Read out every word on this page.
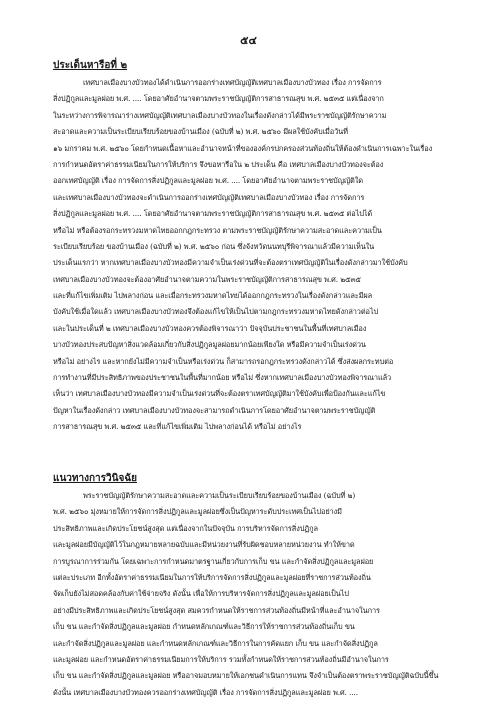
๕๔
ประเด็นหารือที่ ๒
เทศบาลเมืองบางบัวทองได้ดำเนินการออกร่างเทศบัญญัติเทศบาลเมืองบางบัวทอง เรื่อง การจัดการ
สิ่งปฏิกูลและมูลฝอย พ.ศ. .... โดยอาศัยอำนาจตามพระราชบัญญัติการสาธารณสุข พ.ศ. ๒๕๓๕ แต่เนื่องจาก
ในระหว่างการพิจารณาร่างเทศบัญญัติเทศบาลเมืองบางบัวทองในเรื่องดังกล่าวได้มีพระราชบัญญัติรักษาความ
สะอาดและความเป็นระเบียบเรียบร้อยของบ้านเมือง (ฉบับที่ ๒) พ.ศ. ๒๕๖๐ มีผลใช้บังคับเมื่อวันที่
๑๖ มกราคม พ.ศ. ๒๕๖๐ โดยกำหนดเนื้อหาและอำนาจหน้าที่ขององค์กรปกครองส่วนท้องถิ่นให้ต้องดำเนินการเฉพาะในเรื่อง
การกำหนดอัตราค่าธรรมเนียมในการให้บริการ จึงขอหารือใน ๒ ประเด็น คือ เทศบาลเมืองบางบัวทองจะต้อง
ออกเทศบัญญัติ เรื่อง การจัดการสิ่งปฏิกูลและมูลฝอย พ.ศ. .... โดยอาศัยอำนาจตามพระราชบัญญัติใด
และเทศบาลเมืองบางบัวทองจะดำเนินการออกร่างเทศบัญญัติเทศบาลเมืองบางบัวทอง เรื่อง การจัดการ
สิ่งปฏิกูลและมูลฝอย พ.ศ. .... โดยอาศัยอำนาจตามพระราชบัญญัติการสาธารณสุข พ.ศ. ๒๕๓๕ ต่อไปได้
หรือไม่ หรือต้องรอกระทรวงมหาดไทยออกกฎกระทรวง ตามพระราชบัญญัติรักษาความสะอาดและความเป็น
ระเบียบเรียบร้อย ของบ้านเมือง (ฉบับที่ ๒) พ.ศ. ๒๕๖๐ ก่อน ซึ่งจังหวัดนนทบุรีพิจารณาแล้วมีความเห็นใน
ประเด็นแรกว่า หากเทศบาลเมืองบางบัวทองมีความจำเป็นเร่งด่วนที่จะต้องตราเทศบัญญัติในเรื่องดังกล่าวมาใช้บังคับ
เทศบาลเมืองบางบัวทองจะต้องอาศัยอำนาจตามความในพระราชบัญญัติการสาธารณสุข พ.ศ. ๒๕๓๕
และที่แก้ไขเพิ่มเติม ไปพลางก่อน และเมื่อกระทรวงมหาดไทยได้ออกกฎกระทรวงในเรื่องดังกล่าวและมีผล
บังคับใช้เมื่อใดแล้ว เทศบาลเมืองบางบัวทองจึงต้องแก้ไขให้เป็นไปตามกฎกระทรวงมหาดไทยดังกล่าวต่อไป
และในประเด็นที่ ๒ เทศบาลเมืองบางบัวทองควรต้องพิจารณาว่า ปัจจุบันประชาชนในพื้นที่เทศบาลเมือง
บางบัวทองประสบปัญหาสิ่งแวดล้อมเกี่ยวกับสิ่งปฏิกูลมูลฝอยมากน้อยเพียงใด หรือมีความจำเป็นเร่งด่วน
หรือไม่ อย่างไร และหากยังไม่มีความจำเป็นหรือเร่งด่วน ก็สามารถรอกฎกระทรวงดังกล่าวได้ ซึ่งส่งผลกระทบต่อ
การทำงานที่มีประสิทธิภาพของประชาชนในพื้นที่มากน้อย หรือไม่ ซึ่งหากเทศบาลเมืองบางบัวทองพิจารณาแล้ว
เห็นว่า เทศบาลเมืองบางบัวทองมีความจำเป็นเร่งด่วนที่จะต้องตราเทศบัญญัติมาใช้บังคับเพื่อป้องกันและแก้ไข
ปัญหาในเรื่องดังกล่าว เทศบาลเมืองบางบัวทองจะสามารถดำเนินการโดยอาศัยอำนาจตามพระราชบัญญัติ
การสาธารณสุข พ.ศ. ๒๕๓๕ และที่แก้ไขเพิ่มเติม ไปพลางก่อนได้ หรือไม่ อย่างไร
แนวทางการวินิจฉัย
พระราชบัญญัติรักษาความสะอาดและความเป็นระเบียบเรียบร้อยของบ้านเมือง (ฉบับที่ ๒)
พ.ศ. ๒๕๖๐ มุ่งหมายให้การจัดการสิ่งปฏิกูลและมูลฝอยซึ่งเป็นปัญหาระดับประเทศเป็นไปอย่างมี
ประสิทธิภาพและเกิดประโยชน์สูงสุด แต่เนื่องจากในปัจจุบัน การบริหารจัดการสิ่งปฏิกูล
และมูลฝอยมีบัญญัติไว้ในกฎหมายหลายฉบับและมีหน่วยงานที่รับผิดชอบหลายหน่วยงาน ทำให้ขาด
การบูรณาการร่วมกัน โดยเฉพาะการกำหนดมาตรฐานเกี่ยวกับการเก็บ ขน และกำจัดสิ่งปฏิกูลและมูลฝอย
แต่ละประเภท อีกทั้งอัตราค่าธรรมเนียมในการให้บริการจัดการสิ่งปฏิกูลและมูลฝอยที่ราชการส่วนท้องถิ่น
จัดเก็บยังไม่สอดคล้องกับค่าใช้จ่ายจริง ดังนั้น เพื่อให้การบริหารจัดการสิ่งปฏิกูลและมูลฝอยเป็นไป
อย่างมีประสิทธิภาพและเกิดประโยชน์สูงสุด สมควรกำหนดให้ราชการส่วนท้องถิ่นมีหน้าที่และอำนาจในการ
เก็บ ขน และกำจัดสิ่งปฏิกูลและมูลฝอย กำหนดหลักเกณฑ์และวิธีการให้ราชการส่วนท้องถิ่นเก็บ ขน
และกำจัดสิ่งปฏิกูลและมูลฝอย และกำหนดหลักเกณฑ์และวิธีการในการคัดแยก เก็บ ขน และกำจัดสิ่งปฏิกูล
และมูลฝอย และกำหนดอัตราค่าธรรมเนียมการให้บริการ รวมทั้งกำหนดให้ราชการส่วนท้องถิ่นมีอำนาจในการ
เก็บ ขน และกำจัดสิ่งปฏิกูลและมูลฝอย หรืออาจมอบหมายให้เอกชนดำเนินการแทน จึงจำเป็นต้องตราพระราชบัญญัติฉบับนี้ขึ้น
ดังนั้น เทศบาลเมืองบางบัวทองควรออกร่างเทศบัญญัติ เรื่อง การจัดการสิ่งปฏิกูลและมูลฝอย พ.ศ. ....
